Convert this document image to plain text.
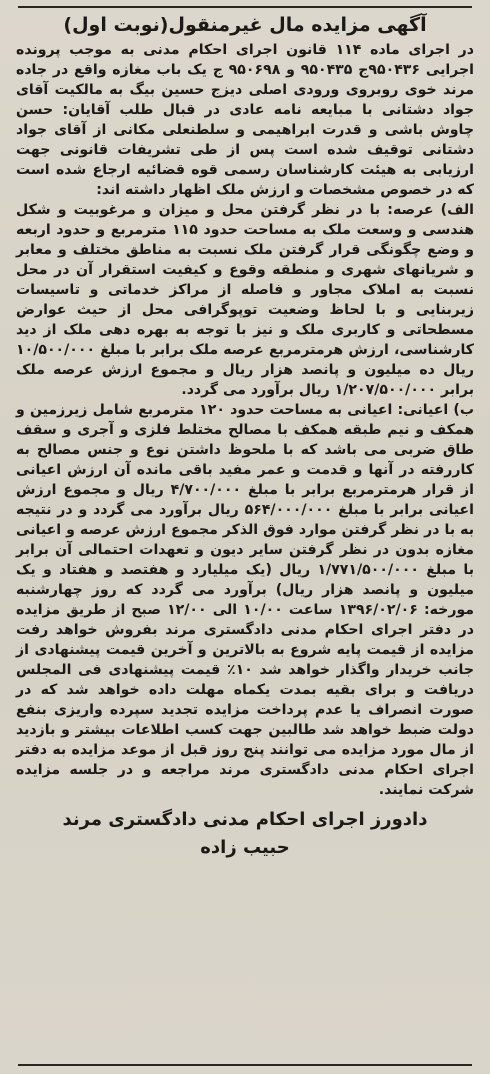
آگهی مزایده مال غیرمنقول(نوبت اول)

در اجرای ماده ۱۱۴ قانون اجرای احکام مدنی به موجب پرونده اجرایی ۹۵۰۴۳۶ج ۹۵۰۴۳۵ و ۹۵۰۶۹۸ ج یک باب مغازه واقع در جاده مرند خوی روبروی ورودی اصلی دیزج حسین بیگ به مالکیت آقای جواد دشتانی با مبایعه نامه عادی در قبال طلب آقایان: حسن چاوش باشی و قدرت ابراهیمی و سلطنعلی مکانی از آقای جواد دشتانی توقیف شده است پس از طی تشریفات قانونی جهت ارزیابی به هیئت کارشناسان رسمی قوه قضائیه ارجاع شده است که در خصوص مشخصات و ارزش ملک اظهار داشته اند:

الف) عرصه: با در نظر گرفتن محل و میزان و مرغوبیت و شکل هندسی و وسعت ملک به مساحت حدود ۱۱۵ مترمربع و حدود اربعه و وضع چگونگی قرار گرفتن ملک نسبت به مناطق مختلف و معابر و شریانهای شهری و منطقه وقوع و کیفیت استقرار آن در محل نسبت به املاک مجاور و فاصله از مراکز خدماتی و تاسیسات زیربنایی و با لحاظ وضعیت توپوگرافی محل از حیث عوارض مسطحاتی و کاربری ملک و نیز با توجه به بهره دهی ملک از دید کارشناسی، ارزش هرمترمربع عرصه ملک برابر با مبلغ ۱۰/۵۰۰/۰۰۰ ریال ده میلیون و پانصد هزار ریال و مجموع ارزش عرصه ملک برابر ۱/۲۰۷/۵۰۰/۰۰۰ ریال برآورد می گردد.

ب) اعیانی: اعیانی به مساحت حدود ۱۲۰ مترمربع شامل زیرزمین و همکف و نیم طبقه همکف با مصالح مختلط فلزی و آجری و سقف طاق ضربی می باشد که با ملحوظ داشتن نوع و جنس مصالح به کاررفته در آنها و قدمت و عمر مفید باقی مانده آن ارزش اعیانی از قرار هرمترمربع برابر با مبلغ ۴/۷۰۰/۰۰۰ ریال و مجموع ارزش اعیانی برابر با مبلغ ۵۶۴/۰۰۰/۰۰۰ ریال برآورد می گردد و در نتیجه به با در نظر گرفتن موارد فوق الذکر مجموع ارزش عرصه و اعیانی مغازه بدون در نظر گرفتن سایر دیون و تعهدات احتمالی آن برابر با مبلغ ۱/۷۷۱/۵۰۰/۰۰۰ ریال (یک میلیارد و هفتصد و هفتاد و یک میلیون و پانصد هزار ریال) برآورد می گردد که روز چهارشنبه مورخه: ۱۳۹۶/۰۲/۰۶ ساعت ۱۰/۰۰ الی ۱۲/۰۰ صبح از طریق مزایده در دفتر اجرای احکام مدنی دادگستری مرند بفروش خواهد رفت مزایده از قیمت پایه شروع به بالاترین و آخرین قیمت پیشنهادی از جانب خریدار واگذار خواهد شد ۱۰٪ قیمت پیشنهادی فی المجلس دریافت و برای بقیه بمدت یکماه مهلت داده خواهد شد که در صورت انصراف یا عدم پرداخت مزایده تجدید سپرده واریزی بنفع دولت ضبط خواهد شد طالبین جهت کسب اطلاعات بیشتر و بازدید از مال مورد مزایده می توانند پنج روز قبل از موعد مزایده به دفتر اجرای احکام مدنی دادگستری مرند مراجعه و در جلسه مزایده شرکت نمایند.

دادورز اجرای احکام مدنی دادگستری مرند
حبیب زاده
